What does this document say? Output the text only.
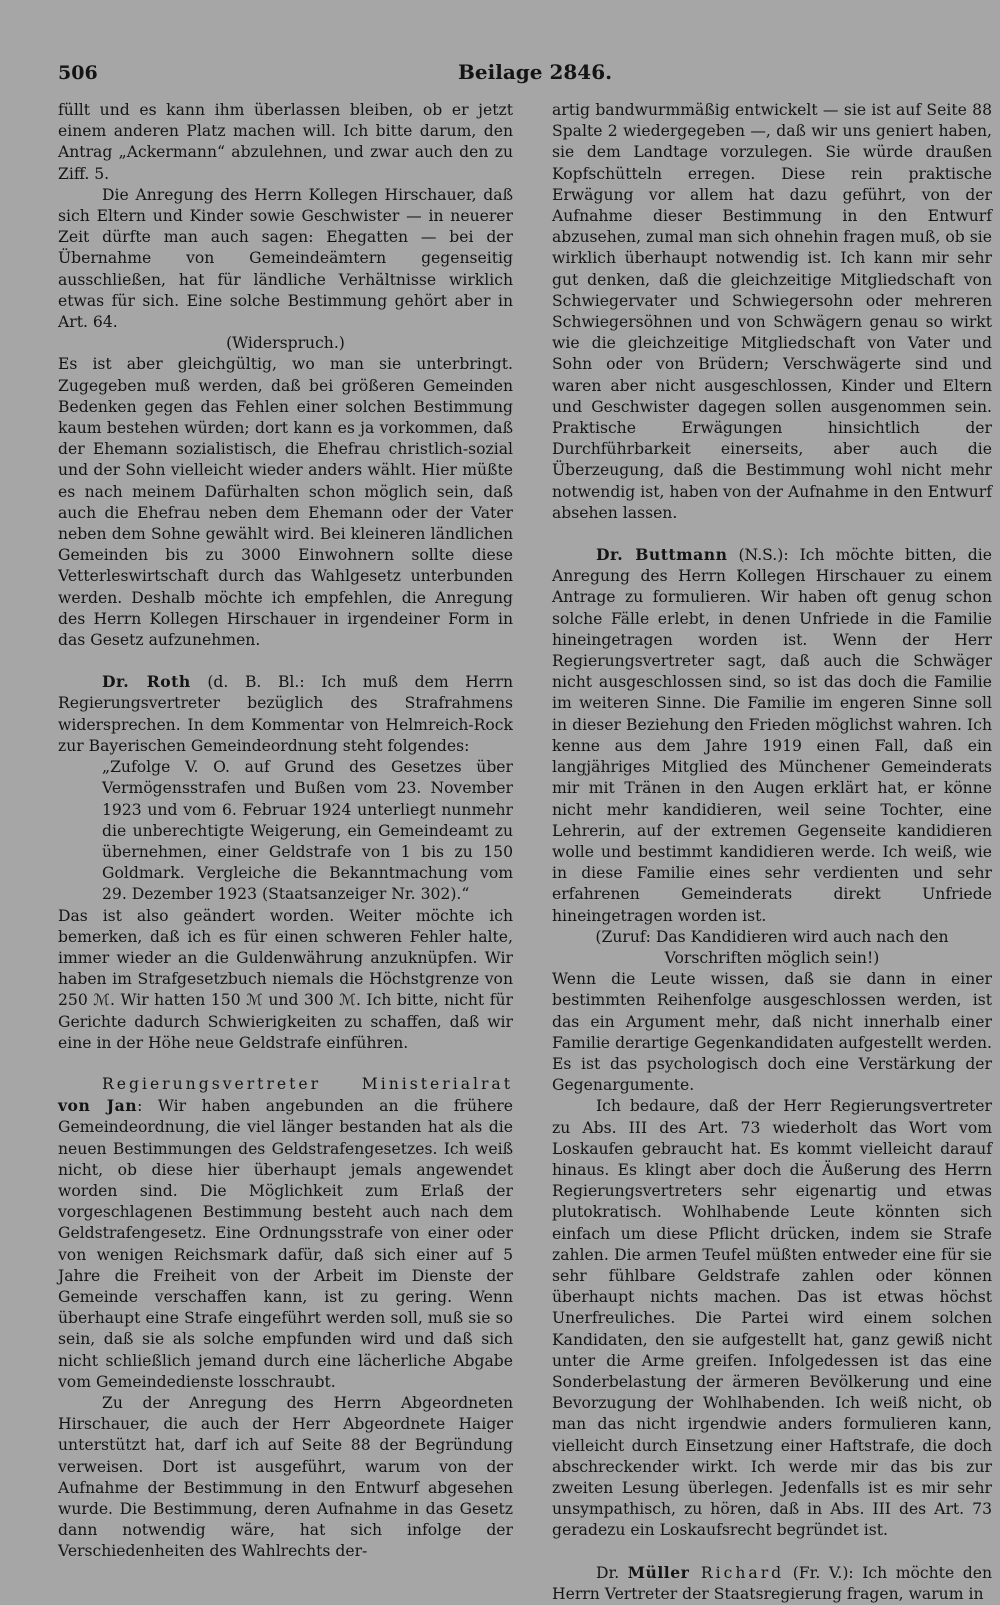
506	Beilage 2846.

füllt und es kann ihm überlassen bleiben, ob er jetzt einem anderen Platz machen will. Ich bitte darum, den Antrag „Ackermann“ abzulehnen, und zwar auch den zu Ziff. 5.

Die Anregung des Herrn Kollegen Hirschauer, daß sich Eltern und Kinder sowie Geschwister — in neuerer Zeit dürfte man auch sagen: Ehegatten — bei der Übernahme von Gemeindeämtern gegenseitig ausschließen, hat für ländliche Verhältnisse wirklich etwas für sich. Eine solche Bestimmung gehört aber in Art. 64.

(Widerspruch.)

Es ist aber gleichgültig, wo man sie unterbringt. Zugegeben muß werden, daß bei größeren Gemeinden Bedenken gegen das Fehlen einer solchen Bestimmung kaum bestehen würden; dort kann es ja vorkommen, daß der Ehemann sozialistisch, die Ehefrau christlich-sozial und der Sohn vielleicht wieder anders wählt. Hier müßte es nach meinem Dafürhalten schon möglich sein, daß auch die Ehefrau neben dem Ehemann oder der Vater neben dem Sohne gewählt wird. Bei kleineren ländlichen Gemeinden bis zu 3000 Einwohnern sollte diese Vetterleswirtschaft durch das Wahlgesetz unterbunden werden. Deshalb möchte ich empfehlen, die Anregung des Herrn Kollegen Hirschauer in irgendeiner Form in das Gesetz aufzunehmen.

Dr. Roth (d. B. Bl.: Ich muß dem Herrn Regierungsvertreter bezüglich des Strafrahmens widersprechen. In dem Kommentar von Helmreich-Rock zur Bayerischen Gemeindeordnung steht folgendes:

„Zufolge V. O. auf Grund des Gesetzes über Vermögensstrafen und Bußen vom 23. November 1923 und vom 6. Februar 1924 unterliegt nunmehr die unberechtigte Weigerung, ein Gemeindeamt zu übernehmen, einer Geldstrafe von 1 bis zu 150 Goldmark. Vergleiche die Bekanntmachung vom 29. Dezember 1923 (Staatsanzeiger Nr. 302).“

Das ist also geändert worden. Weiter möchte ich bemerken, daß ich es für einen schweren Fehler halte, immer wieder an die Guldenwährung anzuknüpfen. Wir haben im Strafgesetzbuch niemals die Höchstgrenze von 250 ℳ. Wir hatten 150 ℳ und 300 ℳ. Ich bitte, nicht für Gerichte dadurch Schwierigkeiten zu schaffen, daß wir eine in der Höhe neue Geldstrafe einführen.

Regierungsvertreter Ministerialrat von Jan: Wir haben angebunden an die frühere Gemeindeordnung, die viel länger bestanden hat als die neuen Bestimmungen des Geldstrafengesetzes. Ich weiß nicht, ob diese hier überhaupt jemals angewendet worden sind. Die Möglichkeit zum Erlaß der vorgeschlagenen Bestimmung besteht auch nach dem Geldstrafengesetz. Eine Ordnungsstrafe von einer oder von wenigen Reichsmark dafür, daß sich einer auf 5 Jahre die Freiheit von der Arbeit im Dienste der Gemeinde verschaffen kann, ist zu gering. Wenn überhaupt eine Strafe eingeführt werden soll, muß sie so sein, daß sie als solche empfunden wird und daß sich nicht schließlich jemand durch eine lächerliche Abgabe vom Gemeindedienste losschraubt.

Zu der Anregung des Herrn Abgeordneten Hirschauer, die auch der Herr Abgeordnete Haiger unterstützt hat, darf ich auf Seite 88 der Begründung verweisen. Dort ist ausgeführt, warum von der Aufnahme der Bestimmung in den Entwurf abgesehen wurde. Die Bestimmung, deren Aufnahme in das Gesetz dann notwendig wäre, hat sich infolge der Verschiedenheiten des Wahlrechts der-

artig bandwurmmäßig entwickelt — sie ist auf Seite 88 Spalte 2 wiedergegeben —, daß wir uns geniert haben, sie dem Landtage vorzulegen. Sie würde draußen Kopfschütteln erregen. Diese rein praktische Erwägung vor allem hat dazu geführt, von der Aufnahme dieser Bestimmung in den Entwurf abzusehen, zumal man sich ohnehin fragen muß, ob sie wirklich überhaupt notwendig ist. Ich kann mir sehr gut denken, daß die gleichzeitige Mitgliedschaft von Schwiegervater und Schwiegersohn oder mehreren Schwiegersöhnen und von Schwägern genau so wirkt wie die gleichzeitige Mitgliedschaft von Vater und Sohn oder von Brüdern; Verschwägerte sind und waren aber nicht ausgeschlossen, Kinder und Eltern und Geschwister dagegen sollen ausgenommen sein. Praktische Erwägungen hinsichtlich der Durchführbarkeit einerseits, aber auch die Überzeugung, daß die Bestimmung wohl nicht mehr notwendig ist, haben von der Aufnahme in den Entwurf absehen lassen.

Dr. Buttmann (N.S.): Ich möchte bitten, die Anregung des Herrn Kollegen Hirschauer zu einem Antrage zu formulieren. Wir haben oft genug schon solche Fälle erlebt, in denen Unfriede in die Familie hineingetragen worden ist. Wenn der Herr Regierungsvertreter sagt, daß auch die Schwäger nicht ausgeschlossen sind, so ist das doch die Familie im weiteren Sinne. Die Familie im engeren Sinne soll in dieser Beziehung den Frieden möglichst wahren. Ich kenne aus dem Jahre 1919 einen Fall, daß ein langjähriges Mitglied des Münchener Gemeinderats mir mit Tränen in den Augen erklärt hat, er könne nicht mehr kandidieren, weil seine Tochter, eine Lehrerin, auf der extremen Gegenseite kandidieren wolle und bestimmt kandidieren werde. Ich weiß, wie in diese Familie eines sehr verdienten und sehr erfahrenen Gemeinderats direkt Unfriede hineingetragen worden ist.

(Zuruf: Das Kandidieren wird auch nach den Vorschriften möglich sein!)

Wenn die Leute wissen, daß sie dann in einer bestimmten Reihenfolge ausgeschlossen werden, ist das ein Argument mehr, daß nicht innerhalb einer Familie derartige Gegenkandidaten aufgestellt werden. Es ist das psychologisch doch eine Verstärkung der Gegenargumente.

Ich bedaure, daß der Herr Regierungsvertreter zu Abs. III des Art. 73 wiederholt das Wort vom Loskaufen gebraucht hat. Es kommt vielleicht darauf hinaus. Es klingt aber doch die Äußerung des Herrn Regierungsvertreters sehr eigenartig und etwas plutokratisch. Wohlhabende Leute könnten sich einfach um diese Pflicht drücken, indem sie Strafe zahlen. Die armen Teufel müßten entweder eine für sie sehr fühlbare Geldstrafe zahlen oder können überhaupt nichts machen. Das ist etwas höchst Unerfreuliches. Die Partei wird einem solchen Kandidaten, den sie aufgestellt hat, ganz gewiß nicht unter die Arme greifen. Infolgedessen ist das eine Sonderbelastung der ärmeren Bevölkerung und eine Bevorzugung der Wohlhabenden. Ich weiß nicht, ob man das nicht irgendwie anders formulieren kann, vielleicht durch Einsetzung einer Haftstrafe, die doch abschreckender wirkt. Ich werde mir das bis zur zweiten Lesung überlegen. Jedenfalls ist es mir sehr unsympathisch, zu hören, daß in Abs. III des Art. 73 geradezu ein Loskaufsrecht begründet ist.

Dr. Müller Richard (Fr. V.): Ich möchte den Herrn Vertreter der Staatsregierung fragen, warum in
